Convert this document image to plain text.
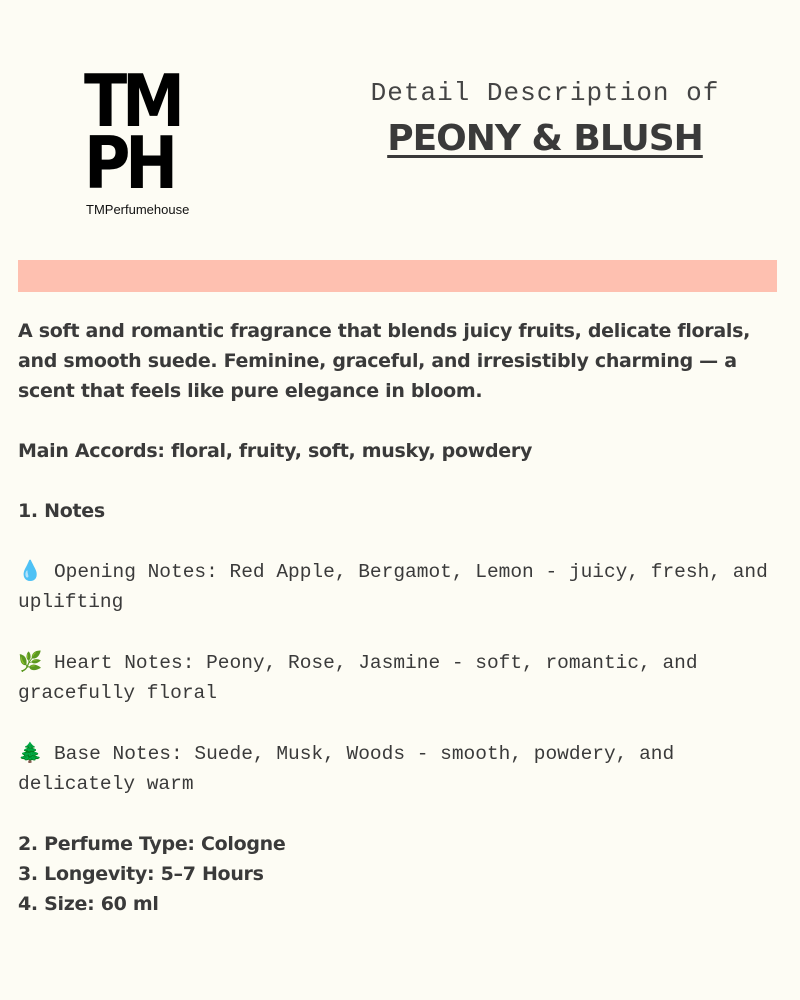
TM
PH
TMPerfumehouse
Detail Description of
PEONY & BLUSH

A soft and romantic fragrance that blends juicy fruits, delicate florals, and smooth suede. Feminine, graceful, and irresistibly charming — a scent that feels like pure elegance in bloom.

Main Accords: floral, fruity, soft, musky, powdery

1. Notes

💧 Opening Notes: Red Apple, Bergamot, Lemon - juicy, fresh, and uplifting

🌿 Heart Notes: Peony, Rose, Jasmine - soft, romantic, and gracefully floral

🌲 Base Notes: Suede, Musk, Woods - smooth, powdery, and delicately warm

2. Perfume Type: Cologne

3. Longevity: 5–7 Hours

4. Size: 60 ml
